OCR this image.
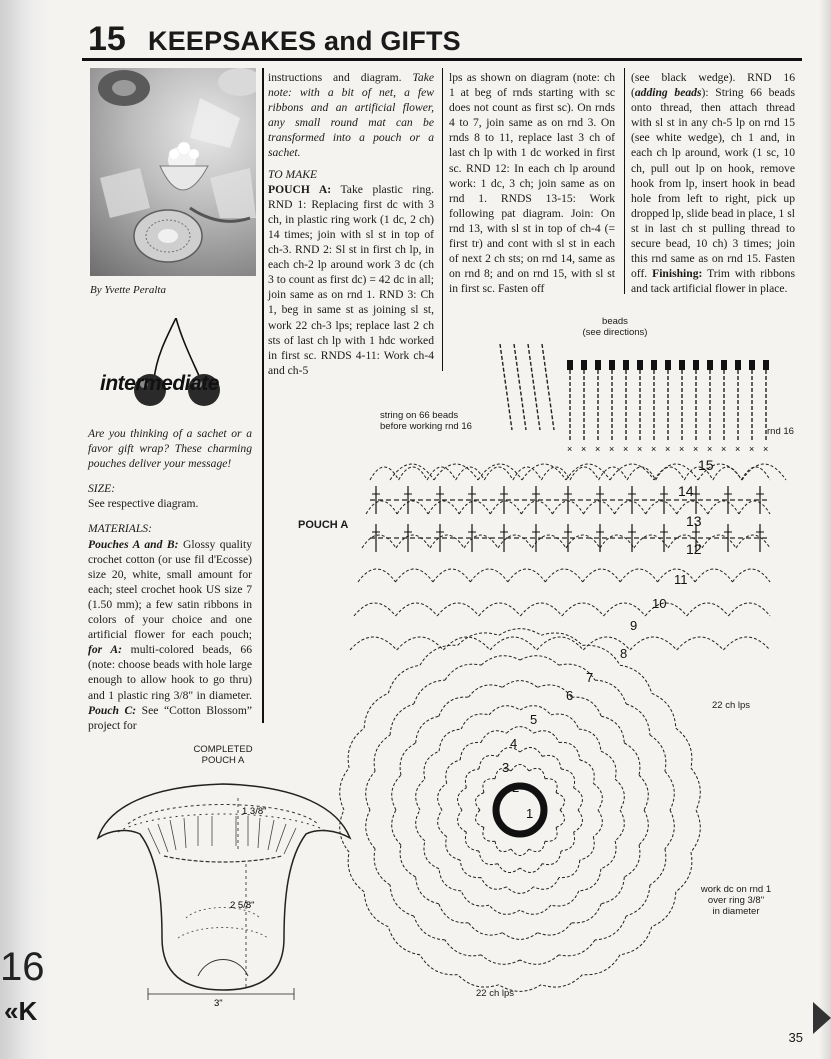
15 KEEPSAKES and GIFTS
By Yvette Peralta
intermediate

Are you thinking of a sachet or a favor gift wrap? These charming pouches deliver your message!

SIZE:

See respective diagram.

MATERIALS:

Pouches A and B: Glossy quality crochet cotton (or use fil d'Ecosse) size 20, white, small amount for each; steel crochet hook US size 7 (1.50 mm); a few satin ribbons in colors of your choice and one artificial flower for each pouch; for A: multi-colored beads, 66 (note: choose beads with hole large enough to allow hook to go thru) and 1 plastic ring 3/8" in diameter. Pouch C: See “Cotton Blossom” project for

instructions and diagram. Take note: with a bit of net, a few ribbons and an artificial flower, any small round mat can be transformed into a pouch or a sachet.

TO MAKE

POUCH A: Take plastic ring. RND 1: Replacing first dc with 3 ch, in plastic ring work (1 dc, 2 ch) 14 times; join with sl st in top of ch-3. RND 2: Sl st in first ch lp, in each ch-2 lp around work 3 dc (ch 3 to count as first dc) = 42 dc in all; join same as on rnd 1. RND 3: Ch 1, beg in same st as joining sl st, work 22 ch-3 lps; replace last 2 ch sts of last ch lp with 1 hdc worked in first sc. RNDS 4-11: Work ch-4 and ch-5

lps as shown on diagram (note: ch 1 at beg of rnds starting with sc does not count as first sc). On rnds 4 to 7, join same as on rnd 3. On rnds 8 to 11, replace last 3 ch of last ch lp with 1 dc worked in first sc. RND 12: In each ch lp around work: 1 dc, 3 ch; join same as on rnd 1. RNDS 13-15: Work following pat diagram. Join: On rnd 13, with sl st in top of ch-4 (= first tr) and cont with sl st in each of next 2 ch sts; on rnd 14, same as on rnd 8; and on rnd 15, with sl st in first sc. Fasten off

(see black wedge). RND 16 (adding beads): String 66 beads onto thread, then attach thread with sl st in any ch-5 lp on rnd 15 (see white wedge), ch 1 and, in each ch lp around, work (1 sc, 10 ch, pull out lp on hook, remove hook from lp, insert hook in bead hole from left to right, pick up dropped lp, slide bead in place, 1 sl st in last ch st pulling thread to secure bead, 10 ch) 3 times; join this rnd same as on rnd 15. Fasten off. Finishing: Trim with ribbons and tack artificial flower in place.

COMPLETED
POUCH A
1 3/8"
2 5/8"
3"
POUCH A
beads
(see directions)
string on 66 beads
before working rnd 16	rnd 16
22 ch lps
22 ch lps
work dc on rnd 1
over ring 3/8"
in diameter
× × × × × × × × × × × × × × ×
1
2
3
4
5
6
7
8
9
10
11
12
13
14
15
16
«K
35
